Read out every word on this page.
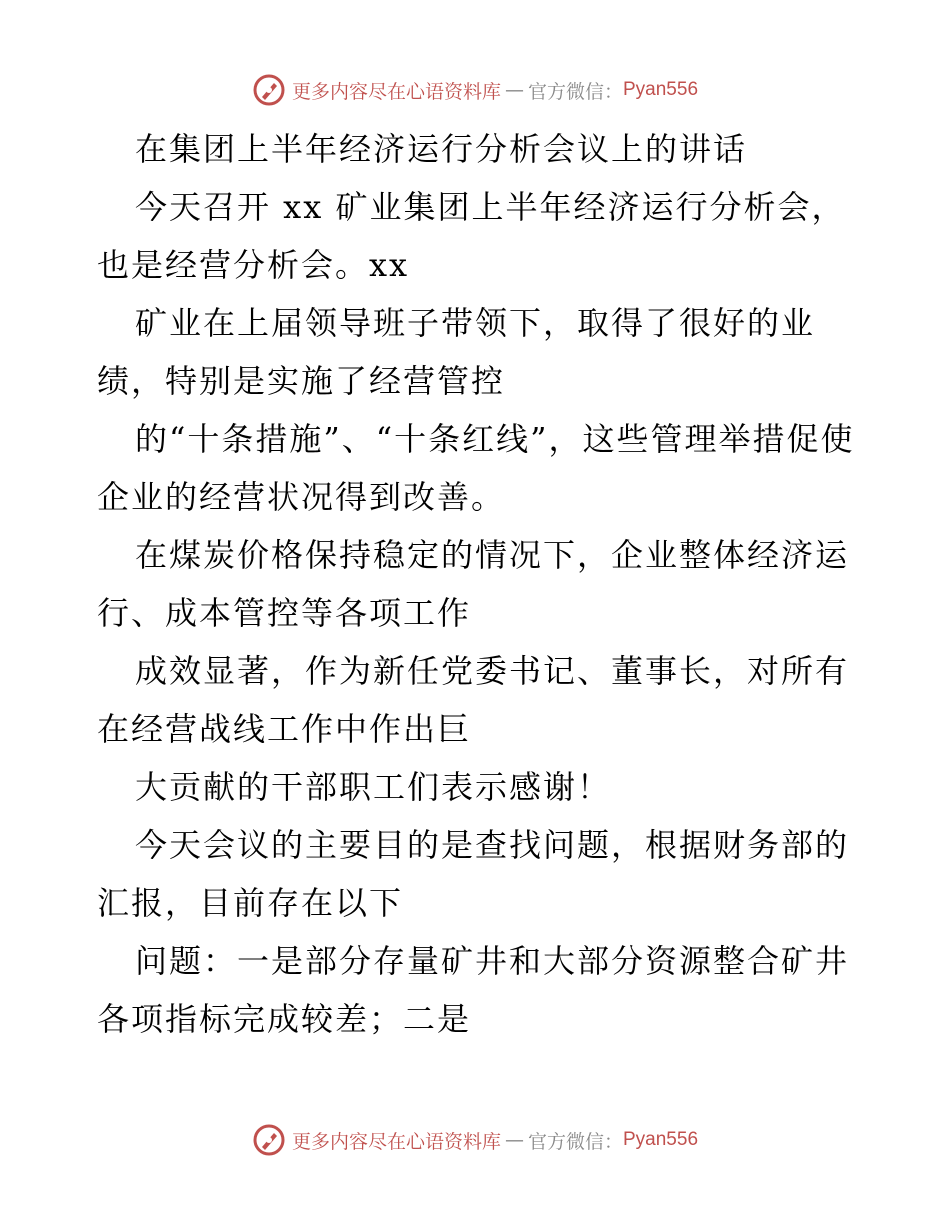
更多内容尽在心语资料库 — 官方微信： Pyan556

在集团上半年经济运行分析会议上的讲话

今天召开 xx 矿业集团上半年经济运行分析会，也是经营分析会。xx

矿业在上届领导班子带领下，取得了很好的业绩，特别是实施了经营管控

的“十条措施”、“十条红线”，这些管理举措促使企业的经营状况得到改善。

在煤炭价格保持稳定的情况下，企业整体经济运行、成本管控等各项工作

成效显著，作为新任党委书记、董事长，对所有在经营战线工作中作出巨

大贡献的干部职工们表示感谢！

今天会议的主要目的是查找问题，根据财务部的汇报，目前存在以下

问题：一是部分存量矿井和大部分资源整合矿井各项指标完成较差；二是

更多内容尽在心语资料库 — 官方微信： Pyan556
